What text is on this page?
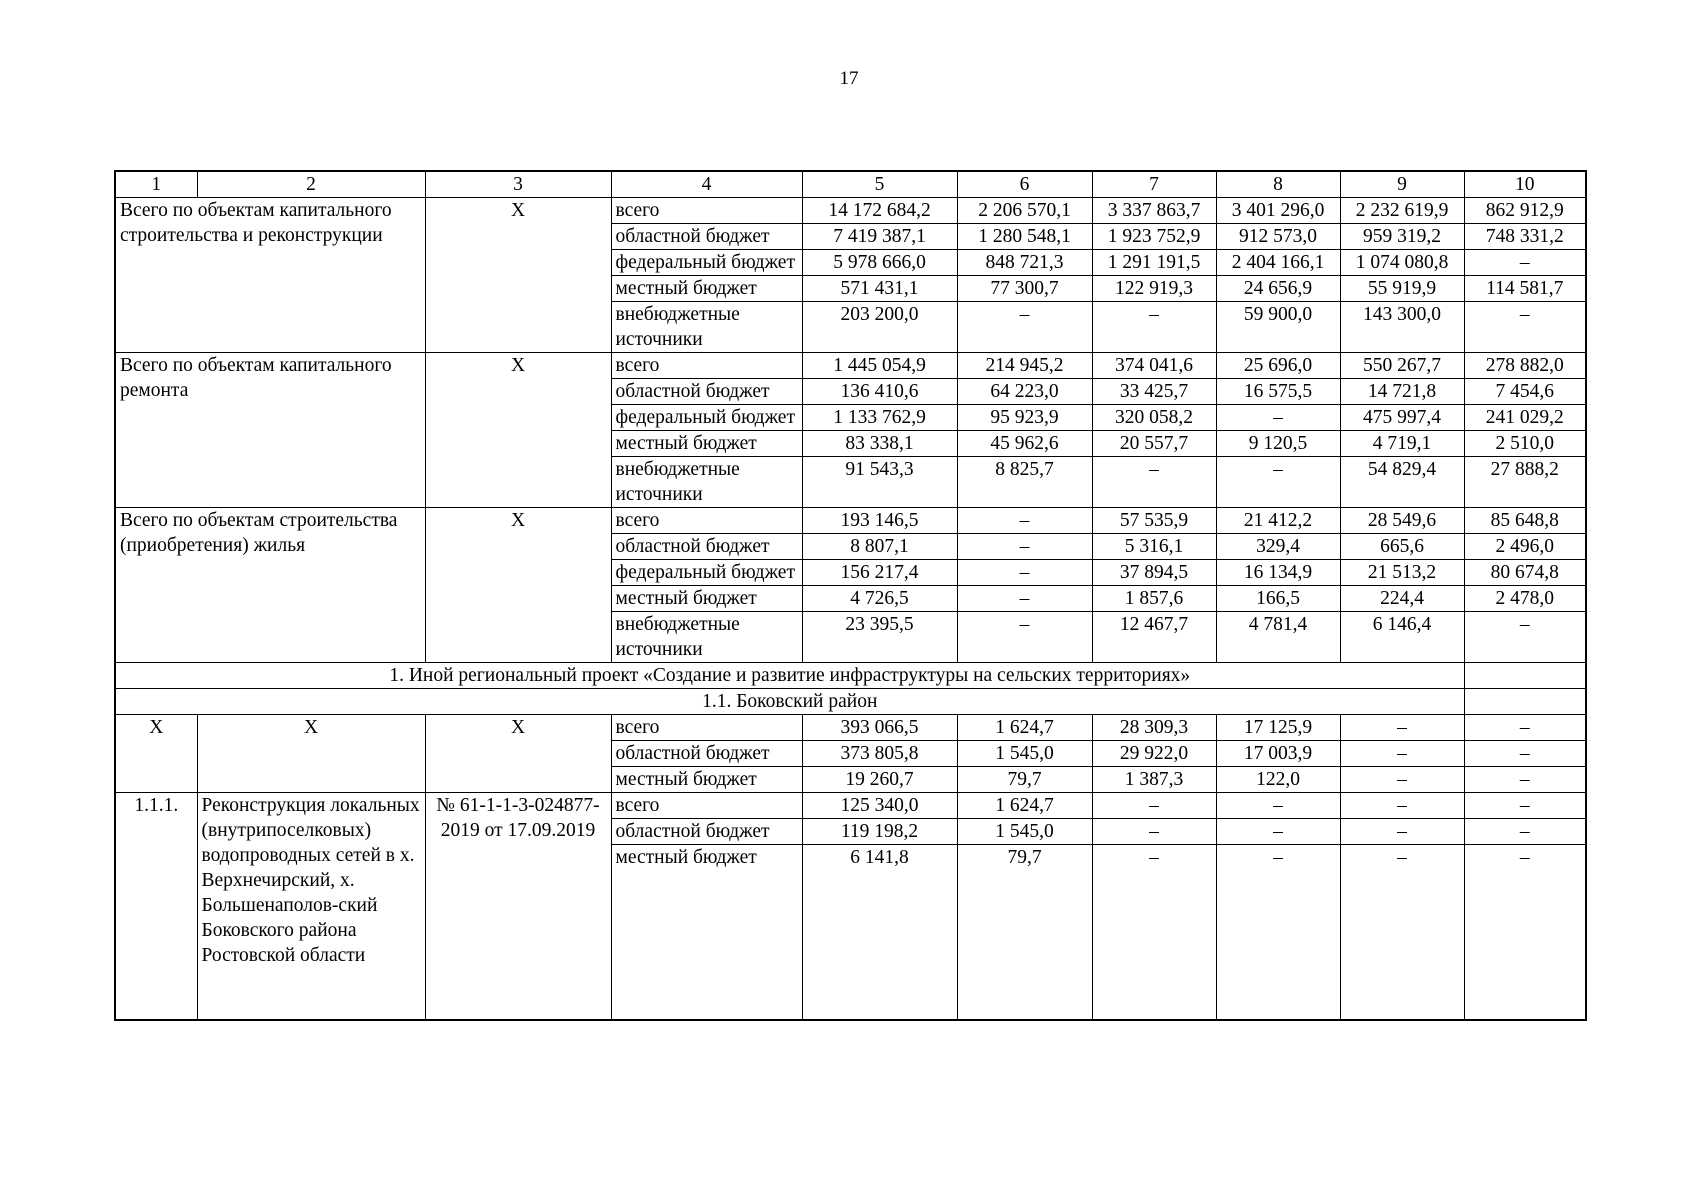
17
1	2	3	4	5	6	7	8	9	10
Всего по объектам капитального строительства и реконструкции		Х	всего	14 172 684,2	2 206 570,1	3 337 863,7	3 401 296,0	2 232 619,9	862 912,9
			областной бюджет	7 419 387,1	1 280 548,1	1 923 752,9	912 573,0	959 319,2	748 331,2
			федеральный бюджет	5 978 666,0	848 721,3	1 291 191,5	2 404 166,1	1 074 080,8	–
			местный бюджет	571 431,1	77 300,7	122 919,3	24 656,9	55 919,9	114 581,7
			внебюджетные источники	203 200,0	–	–	59 900,0	143 300,0	–
Всего по объектам капитального ремонта		Х	всего	1 445 054,9	214 945,2	374 041,6	25 696,0	550 267,7	278 882,0
			областной бюджет	136 410,6	64 223,0	33 425,7	16 575,5	14 721,8	7 454,6
			федеральный бюджет	1 133 762,9	95 923,9	320 058,2	–	475 997,4	241 029,2
			местный бюджет	83 338,1	45 962,6	20 557,7	9 120,5	4 719,1	2 510,0
			внебюджетные источники	91 543,3	8 825,7	–	–	54 829,4	27 888,2
Всего по объектам строительства (приобретения) жилья		Х	всего	193 146,5	–	57 535,9	21 412,2	28 549,6	85 648,8
			областной бюджет	8 807,1	–	5 316,1	329,4	665,6	2 496,0
			федеральный бюджет	156 217,4	–	37 894,5	16 134,9	21 513,2	80 674,8
			местный бюджет	4 726,5	–	1 857,6	166,5	224,4	2 478,0
			внебюджетные источники	23 395,5	–	12 467,7	4 781,4	6 146,4	–
1. Иной региональный проект «Создание и развитие инфраструктуры на сельских территориях»									
1.1. Боковский район									
Х	Х	Х	всего	393 066,5	1 624,7	28 309,3	17 125,9	–	–
			областной бюджет	373 805,8	1 545,0	29 922,0	17 003,9	–	–
			местный бюджет	19 260,7	79,7	1 387,3	122,0	–	–
1.1.1.	Реконструкция локальных (внутрипоселковых) водопроводных сетей в х. Верхнечирский, х. Большенаполов-ский Боковского района Ростовской области	№ 61-1-1-3-024877-2019 от 17.09.2019	всего	125 340,0	1 624,7	–	–	–	–
			областной бюджет	119 198,2	1 545,0	–	–	–	–
			местный бюджет	6 141,8	79,7	–	–	–	–
